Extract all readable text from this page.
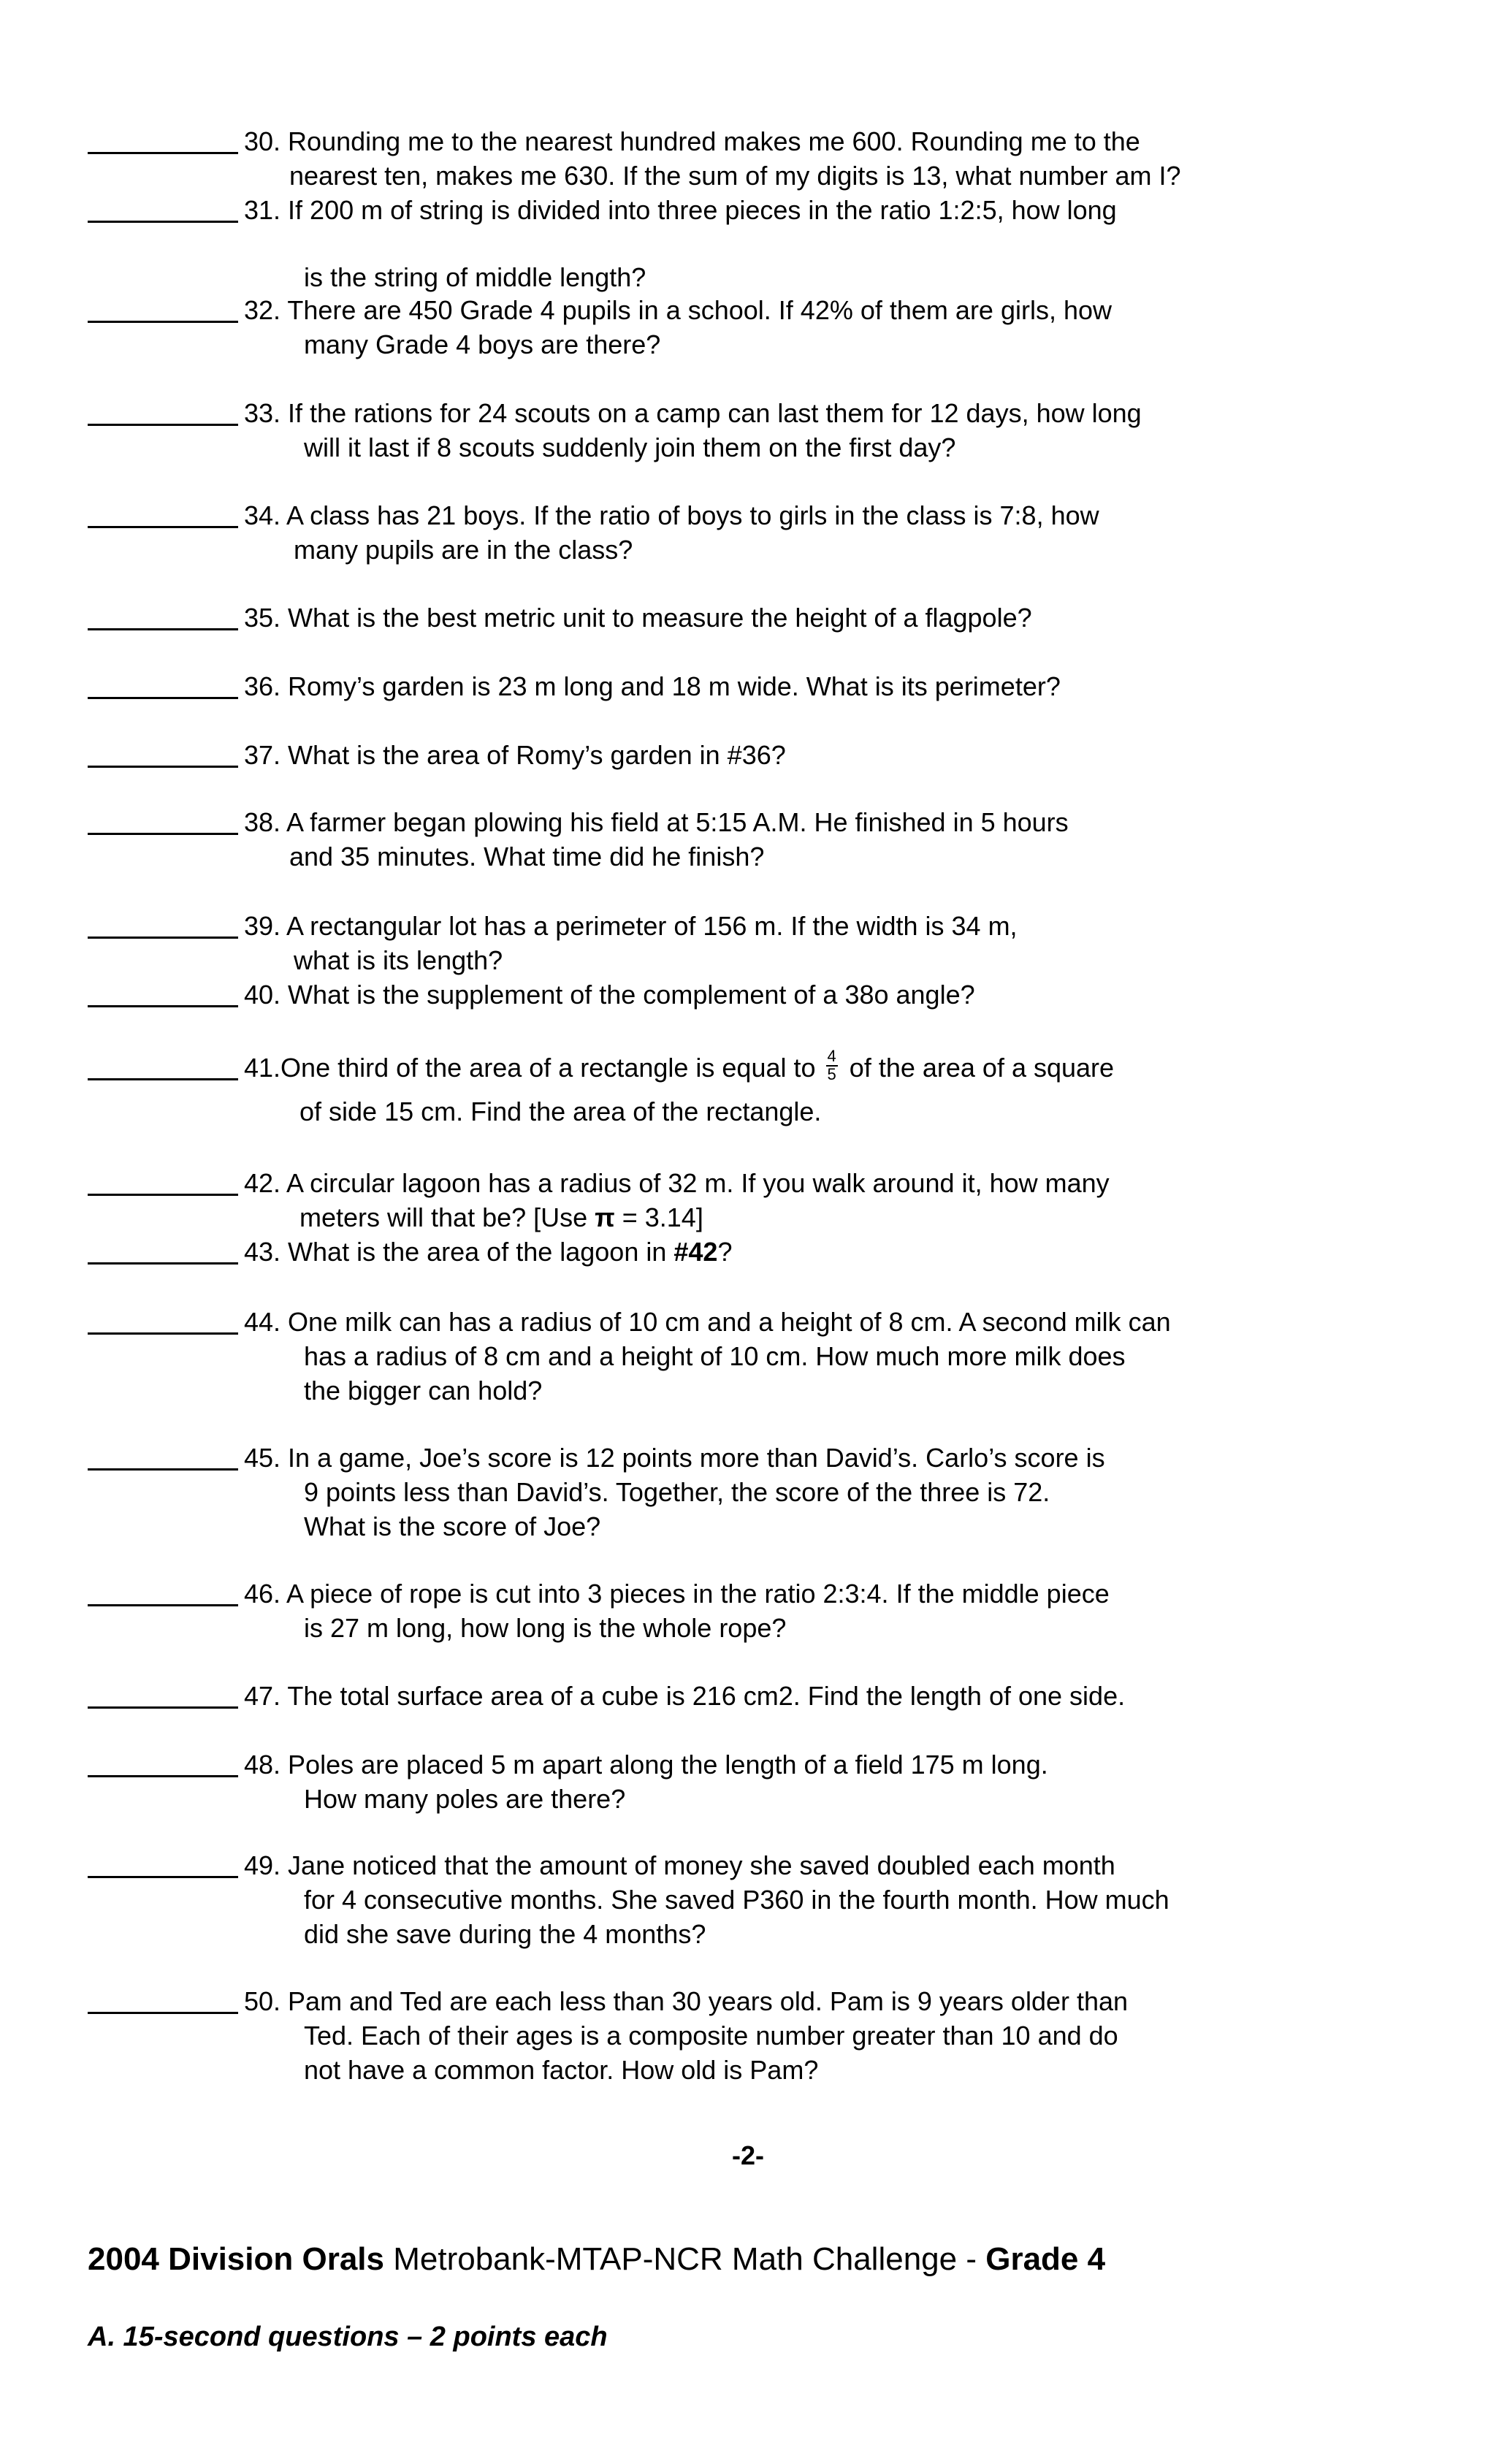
30. Rounding me to the nearest hundred makes me 600. Rounding me to the
nearest ten, makes me 630. If the sum of my digits is 13, what number am I?
31. If 200 m of string is divided into three pieces in the ratio 1:2:5, how long
is the string of middle length?
32. There are 450 Grade 4 pupils in a school. If 42% of them are girls, how
many Grade 4 boys are there?
33. If the rations for 24 scouts on a camp can last them for 12 days, how long
will it last if 8 scouts suddenly join them on the first day?
34. A class has 21 boys. If the ratio of boys to girls in the class is 7:8, how
many pupils are in the class?
35. What is the best metric unit to measure the height of a flagpole?
36. Romy’s garden is 23 m long and 18 m wide. What is its perimeter?
37. What is the area of Romy’s garden in #36?
38. A farmer began plowing his field at 5:15 A.M. He finished in 5 hours
and 35 minutes. What time did he finish?
39. A rectangular lot has a perimeter of 156 m. If the width is 34 m,
what is its length?
40. What is the supplement of the complement of a 38o angle?
41.One third of the area of a rectangle is equal to $\frac{4}{5}$ of the area of a square
of side 15 cm. Find the area of the rectangle.
42. A circular lagoon has a radius of 32 m. If you walk around it, how many
meters will that be? [Use π = 3.14]
43. What is the area of the lagoon in #42?
44. One milk can has a radius of 10 cm and a height of 8 cm. A second milk can
has a radius of 8 cm and a height of 10 cm. How much more milk does
the bigger can hold?
45. In a game, Joe’s score is 12 points more than David’s. Carlo’s score is
9 points less than David’s. Together, the score of the three is 72.
What is the score of Joe?
46. A piece of rope is cut into 3 pieces in the ratio 2:3:4. If the middle piece
is 27 m long, how long is the whole rope?
47. The total surface area of a cube is 216 cm2. Find the length of one side.
48. Poles are placed 5 m apart along the length of a field 175 m long.
How many poles are there?
49. Jane noticed that the amount of money she saved doubled each month
for 4 consecutive months. She saved P360 in the fourth month. How much
did she save during the 4 months?
50. Pam and Ted are each less than 30 years old. Pam is 9 years older than
Ted. Each of their ages is a composite number greater than 10 and do
not have a common factor. How old is Pam?
-2-
2004 Division Orals Metrobank-MTAP-NCR Math Challenge - Grade 4
A. 15-second questions – 2 points each
